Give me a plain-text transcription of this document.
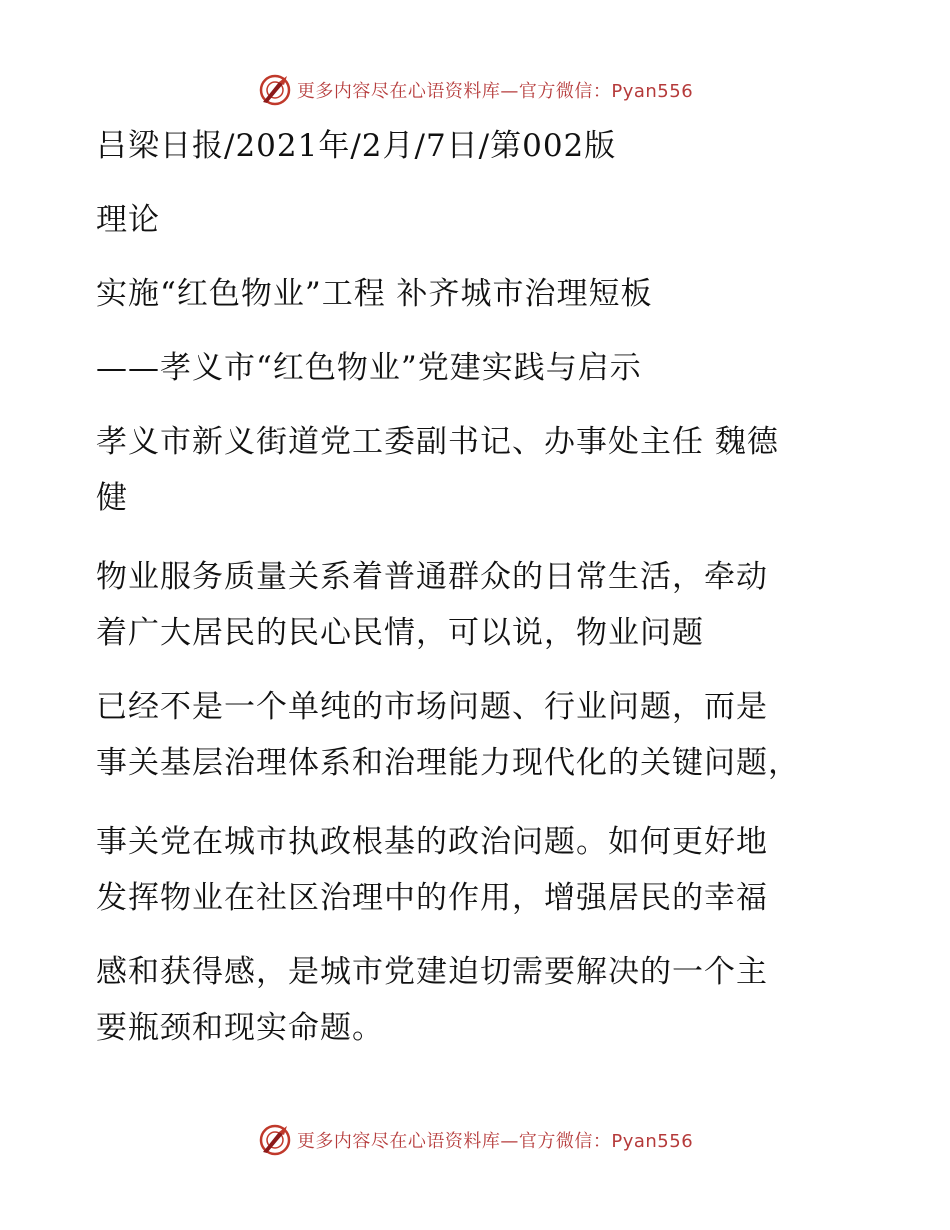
更多内容尽在心语资料库—官方微信：Pyan556
吕梁日报/2021年/2月/7日/第002版
理论
实施“红色物业”工程 补齐城市治理短板
——孝义市“红色物业”党建实践与启示
孝义市新义街道党工委副书记、办事处主任 魏德
健
物业服务质量关系着普通群众的日常生活，牵动
着广大居民的民心民情，可以说，物业问题
已经不是一个单纯的市场问题、行业问题，而是
事关基层治理体系和治理能力现代化的关键问题，
事关党在城市执政根基的政治问题。如何更好地
发挥物业在社区治理中的作用，增强居民的幸福
感和获得感，是城市党建迫切需要解决的一个主
要瓶颈和现实命题。
更多内容尽在心语资料库—官方微信：Pyan556
